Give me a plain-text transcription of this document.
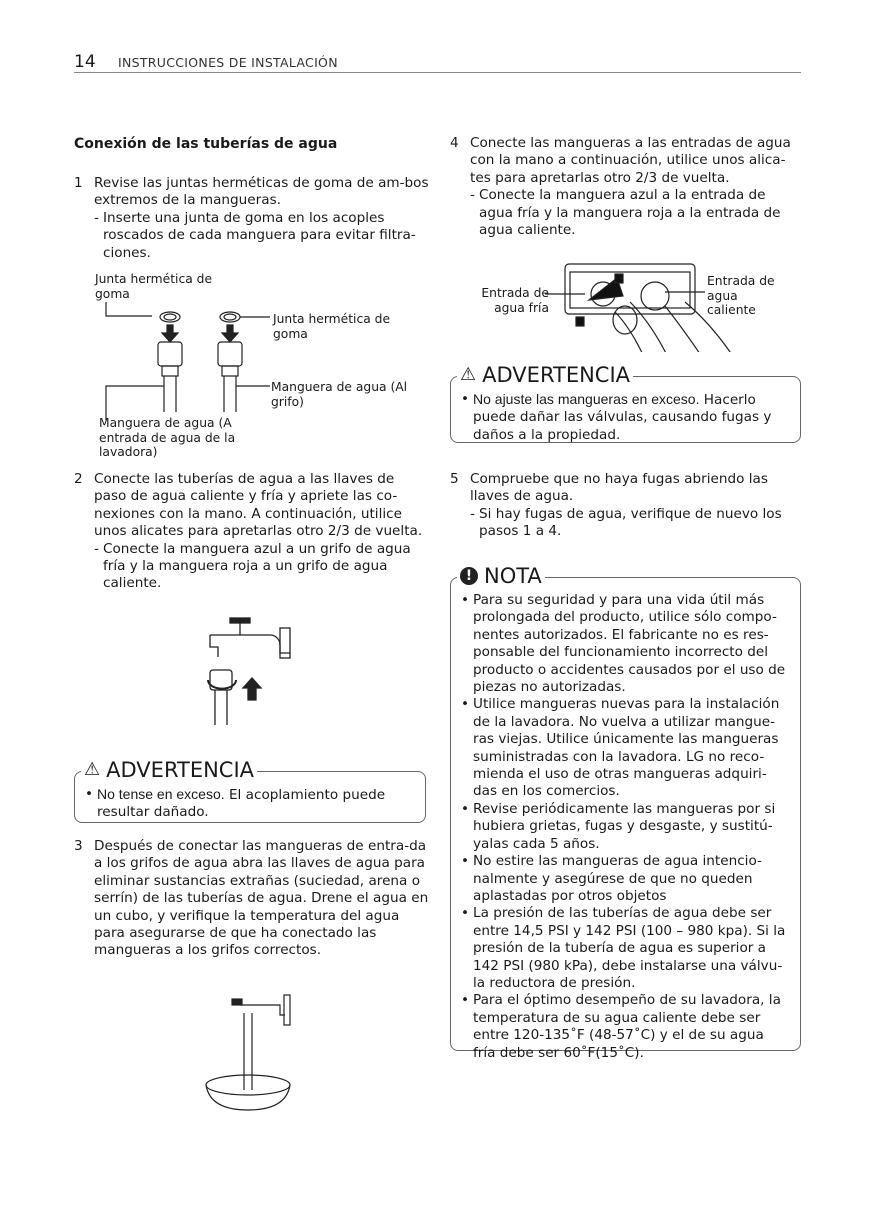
14 INSTRUCCIONES DE INSTALACIÓN
Conexión de las tuberías de agua
1 Revise las juntas herméticas de goma de am-bos extremos de la mangueras.
- Inserte una junta de goma en los acoples roscados de cada manguera para evitar filtra-ciones.
Junta hermética de goma
Junta hermética de goma
Manguera de agua (Al grifo)
Manguera de agua (A entrada de agua de la lavadora)
2 Conecte las tuberías de agua a las llaves de paso de agua caliente y fría y apriete las co-nexiones con la mano. A continuación, utilice unos alicates para apretarlas otro 2/3 de vuelta.
- Conecte la manguera azul a un grifo de agua fría y la manguera roja a un grifo de agua caliente.
⚠ ADVERTENCIA
• No tense en exceso. El acoplamiento puede resultar dañado.
3 Después de conectar las mangueras de entra-da a los grifos de agua abra las llaves de agua para eliminar sustancias extrañas (suciedad, arena o serrín) de las tuberías de agua. Drene el agua en un cubo, y verifique la temperatura del agua para asegurarse de que ha conectado las mangueras a los grifos correctos.
4 Conecte las mangueras a las entradas de agua con la mano a continuación, utilice unos alica-tes para apretarlas otro 2/3 de vuelta.
- Conecte la manguera azul a la entrada de agua fría y la manguera roja a la entrada de agua caliente.
Entrada de agua fría
Entrada de agua caliente
⚠ ADVERTENCIA
• No ajuste las mangueras en exceso. Hacerlo puede dañar las válvulas, causando fugas y daños a la propiedad.
5 Compruebe que no haya fugas abriendo las llaves de agua.
- Si hay fugas de agua, verifique de nuevo los pasos 1 a 4.
! NOTA
• Para su seguridad y para una vida útil más prolongada del producto, utilice sólo compo-nentes autorizados. El fabricante no es res-ponsable del funcionamiento incorrecto del producto o accidentes causados por el uso de piezas no autorizadas.
• Utilice mangueras nuevas para la instalación de la lavadora. No vuelva a utilizar mangue-ras viejas. Utilice únicamente las mangueras suministradas con la lavadora. LG no reco-mienda el uso de otras mangueras adquiri-das en los comercios.
• Revise periódicamente las mangueras por si hubiera grietas, fugas y desgaste, y sustitú-yalas cada 5 años.
• No estire las mangueras de agua intencio-nalmente y asegúrese de que no queden aplastadas por otros objetos
• La presión de las tuberías de agua debe ser entre 14,5 PSI y 142 PSI (100 – 980 kpa). Si la presión de la tubería de agua es superior a 142 PSI (980 kPa), debe instalarse una válvu-la reductora de presión.
• Para el óptimo desempeño de su lavadora, la temperatura de su agua caliente debe ser entre 120-135˚F (48-57˚C) y el de su agua fría debe ser 60˚F(15˚C).
